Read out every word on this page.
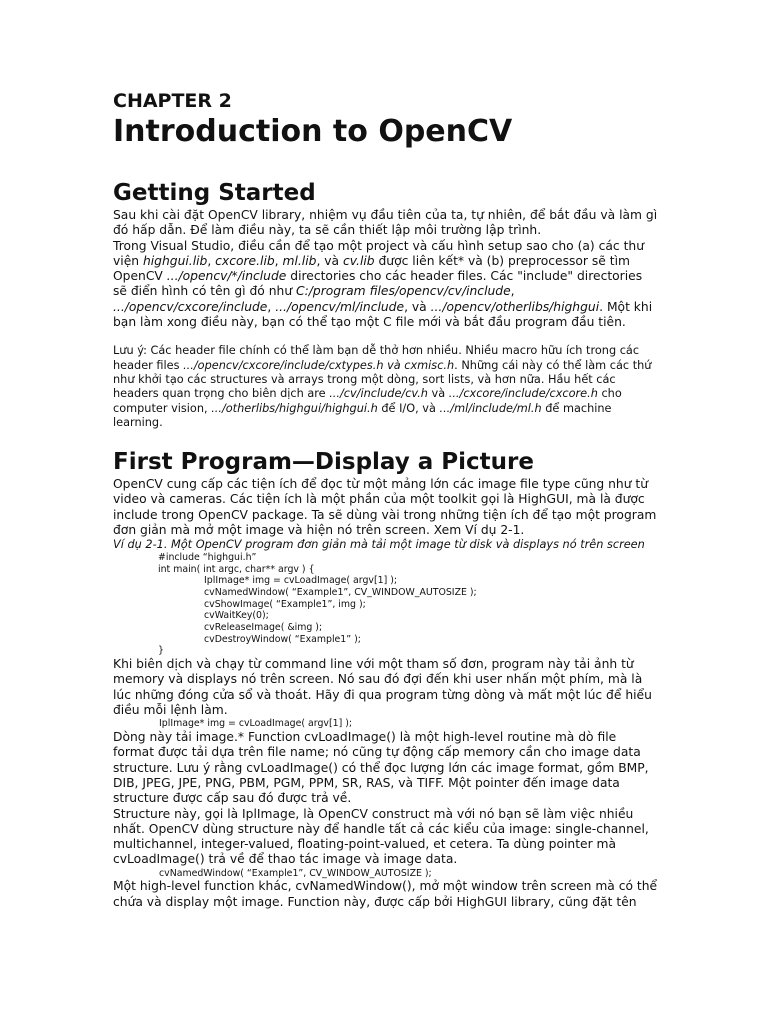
CHAPTER 2

Introduction to OpenCV
Getting Started

Sau khi cài đặt OpenCV library, nhiệm vụ đầu tiên của ta, tự nhiên, để bắt đầu và làm gì đó hấp dẫn. Để làm điều này, ta sẽ cần thiết lập môi trường lập trình.

Trong Visual Studio, điều cần để tạo một project và cấu hình setup sao cho (a) các thư viện highgui.lib, cxcore.lib, ml.lib, và cv.lib được liên kết* và (b) preprocessor sẽ tìm OpenCV .../opencv/*/include directories cho các header files. Các "include" directories sẽ điển hình có tên gì đó như C:/program files/opencv/cv/include, .../opencv/cxcore/include, .../opencv/ml/include, và .../opencv/otherlibs/highgui. Một khi bạn làm xong điều này, bạn có thể tạo một C file mới và bắt đầu program đầu tiên.

Lưu ý: Các header file chính có thể làm bạn dễ thở hơn nhiều. Nhiều macro hữu ích trong các header files .../opencv/cxcore/include/cxtypes.h và cxmisc.h. Những cái này có thể làm các thứ như khởi tạo các structures và arrays trong một dòng, sort lists, và hơn nữa. Hầu hết các headers quan trọng cho biên dịch are .../cv/include/cv.h và .../cxcore/include/cxcore.h cho computer vision, .../otherlibs/highgui/highgui.h để I/O, và .../ml/include/ml.h để machine learning.

First Program—Display a Picture

OpenCV cung cấp các tiện ích để đọc từ một mảng lớn các image file type cũng như từ video và cameras. Các tiện ích là một phần của một toolkit gọi là HighGUI, mà là được include trong OpenCV package. Ta sẽ dùng vài trong những tiện ích để tạo một program đơn giản mà mở một image và hiện nó trên screen. Xem Ví dụ 2-1.

Ví dụ 2-1. Một OpenCV program đơn giản mà tải một image từ disk và displays nó trên screen

#include “highgui.h”
int main( int argc, char** argv ) {
IplImage* img = cvLoadImage( argv[1] );
cvNamedWindow( “Example1”, CV_WINDOW_AUTOSIZE );
cvShowImage( “Example1”, img );
cvWaitKey(0);
cvReleaseImage( &img );
cvDestroyWindow( “Example1” );
}

Khi biên dịch và chạy từ command line với một tham số đơn, program này tải ảnh từ memory và displays nó trên screen. Nó sau đó đợi đến khi user nhấn một phím, mà là lúc những đóng cửa sổ và thoát. Hãy đi qua program từng dòng và mất một lúc để hiểu điều mỗi lệnh làm.

IplImage* img = cvLoadImage( argv[1] );

Dòng này tải image.* Function cvLoadImage() là một high-level routine mà dò file format được tải dựa trên file name; nó cũng tự động cấp memory cần cho image data structure. Lưu ý rằng cvLoadImage() có thể đọc lượng lớn các image format, gồm BMP, DIB, JPEG, JPE, PNG, PBM, PGM, PPM, SR, RAS, và TIFF. Một pointer đến image data structure được cấp sau đó được trả về.

Structure này, gọi là IplImage, là OpenCV construct mà với nó bạn sẽ làm việc nhiều nhất. OpenCV dùng structure này để handle tất cả các kiểu của image: single-channel, multichannel, integer-valued, floating-point-valued, et cetera. Ta dùng pointer mà cvLoadImage() trả về để thao tác image và image data.

cvNamedWindow( “Example1”, CV_WINDOW_AUTOSIZE );

Một high-level function khác, cvNamedWindow(), mở một window trên screen mà có thể chứa và display một image. Function này, được cấp bởi HighGUI library, cũng đặt tên
